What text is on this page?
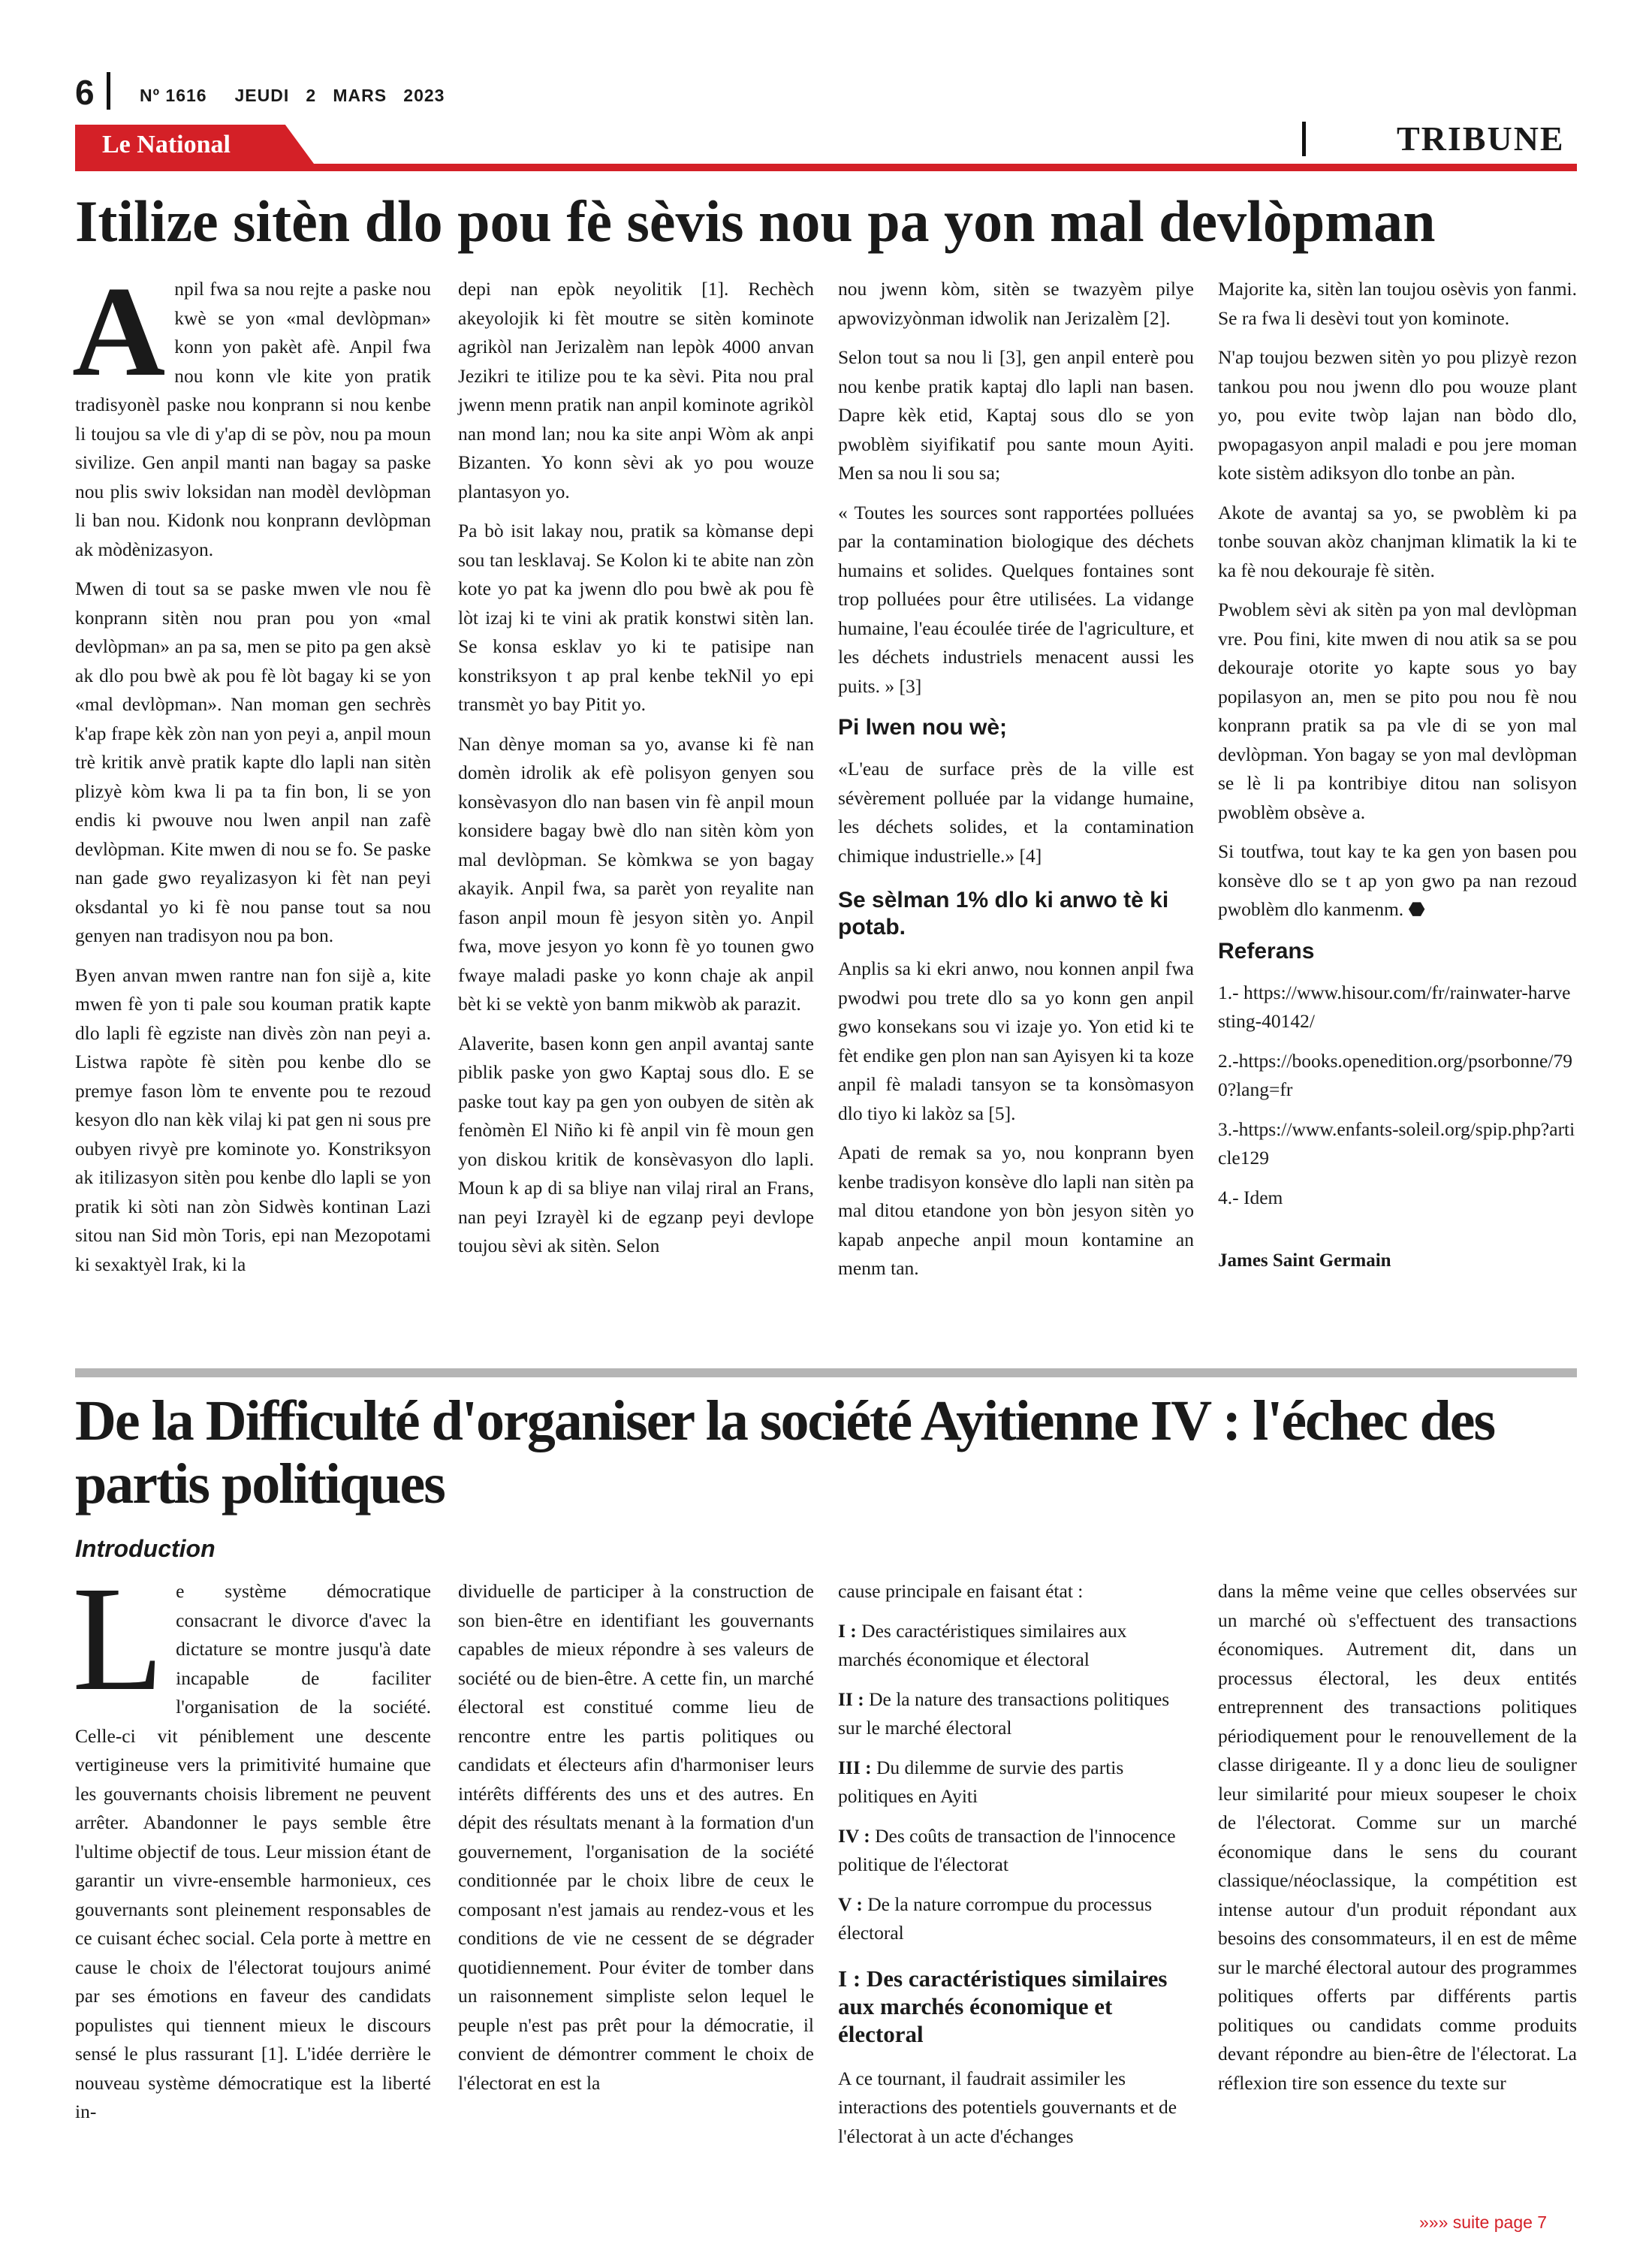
6	Nº 1616     JEUDI   2   MARS   2023
Le National	TRIBUNE
Itilize sitèn dlo pou fè sèvis nou pa yon mal devlòpman

Anpil fwa sa nou rejte a paske nou kwè se yon «mal devlòpman» konn yon pakèt afè. Anpil fwa nou konn vle kite yon pratik tradisyonèl paske nou konprann si nou kenbe li toujou sa vle di y'ap di se pòv, nou pa moun sivilize. Gen anpil manti nan bagay sa paske nou plis swiv loksidan nan modèl devlòpman li ban nou. Kidonk nou konprann devlòpman ak mòdènizasyon.

Mwen di tout sa se paske mwen vle nou fè konprann sitèn nou pran pou yon «mal devlòpman» an pa sa, men se pito pa gen aksè ak dlo pou bwè ak pou fè lòt bagay ki se yon «mal devlòpman». Nan moman gen sechrès k'ap frape kèk zòn nan yon peyi a, anpil moun trè kritik anvè pratik kapte dlo lapli nan sitèn plizyè kòm kwa li pa ta fin bon, li se yon endis ki pwouve nou lwen anpil nan zafè devlòpman. Kite mwen di nou se fo. Se paske nan gade gwo reyalizasyon ki fèt nan peyi oksdantal yo ki fè nou panse tout sa nou genyen nan tradisyon nou pa bon.

Byen anvan mwen rantre nan fon sijè a, kite mwen fè yon ti pale sou kouman pratik kapte dlo lapli fè egziste nan divès zòn nan peyi a. Listwa rapòte fè sitèn pou kenbe dlo se premye fason lòm te envente pou te rezoud kesyon dlo nan kèk vilaj ki pat gen ni sous pre oubyen rivyè pre kominote yo. Konstriksyon ak itilizasyon sitèn pou kenbe dlo lapli se yon pratik ki sòti nan zòn Sidwès kontinan Lazi sitou nan Sid mòn Toris, epi nan Mezopotami ki sexaktyèl Irak, ki la

depi nan epòk neyolitik [1]. Rechèch akeyolojik ki fèt moutre se sitèn kominote agrikòl nan Jerizalèm nan lepòk 4000 anvan Jezikri te itilize pou te ka sèvi. Pita nou pral jwenn menn pratik nan anpil kominote agrikòl nan mond lan; nou ka site anpi Wòm ak anpi Bizanten. Yo konn sèvi ak yo pou wouze plantasyon yo.

Pa bò isit lakay nou, pratik sa kòmanse depi sou tan lesklavaj. Se Kolon ki te abite nan zòn kote yo pat ka jwenn dlo pou bwè ak pou fè lòt izaj ki te vini ak pratik konstwi sitèn lan. Se konsa esklav yo ki te patisipe nan konstriksyon t ap pral kenbe tekNil yo epi transmèt yo bay Pitit yo.

Nan dènye moman sa yo, avanse ki fè nan domèn idrolik ak efè polisyon genyen sou konsèvasyon dlo nan basen vin fè anpil moun konsidere bagay bwè dlo nan sitèn kòm yon mal devlòpman. Se kòmkwa se yon bagay akayik. Anpil fwa, sa parèt yon reyalite nan fason anpil moun fè jesyon sitèn yo. Anpil fwa, move jesyon yo konn fè yo tounen gwo fwaye maladi paske yo konn chaje ak anpil bèt ki se vektè yon banm mikwòb ak parazit.

Alaverite, basen konn gen anpil avantaj sante piblik paske yon gwo Kaptaj sous dlo. E se paske tout kay pa gen yon oubyen de sitèn ak fenòmèn El Niño ki fè anpil vin fè moun gen yon diskou kritik de konsèvasyon dlo lapli. Moun k ap di sa bliye nan vilaj riral an Frans, nan peyi Izrayèl ki de egzanp peyi devlope toujou sèvi ak sitèn. Selon

nou jwenn kòm, sitèn se twazyèm pilye apwovizyònman idwolik nan Jerizalèm [2].

Selon tout sa nou li [3], gen anpil enterè pou nou kenbe pratik kaptaj dlo lapli nan basen. Dapre kèk etid, Kaptaj sous dlo se yon pwoblèm siyifikatif pou sante moun Ayiti. Men sa nou li sou sa;

« Toutes les sources sont rapportées polluées par la contamination biologique des déchets humains et solides. Quelques fontaines sont trop polluées pour être utilisées. La vidange humaine, l'eau écoulée tirée de l'agriculture, et les déchets industriels menacent aussi les puits. » [3]

Pi lwen nou wè;

«L'eau de surface près de la ville est sévèrement polluée par la vidange humaine, les déchets solides, et la contamination chimique industrielle.» [4]

Se sèlman 1% dlo ki anwo tè ki potab.

Anplis sa ki ekri anwo, nou konnen anpil fwa pwodwi pou trete dlo sa yo konn gen anpil gwo konsekans sou vi izaje yo. Yon etid ki te fèt endike gen plon nan san Ayisyen ki ta koze anpil fè maladi tansyon se ta konsòmasyon dlo tiyo ki lakòz sa [5].

Apati de remak sa yo, nou konprann byen kenbe tradisyon konsève dlo lapli nan sitèn pa mal ditou etandone yon bòn jesyon sitèn yo kapab anpeche anpil moun kontamine an menm tan.

Majorite ka, sitèn lan toujou osèvis yon fanmi. Se ra fwa li desèvi tout yon kominote.

N'ap toujou bezwen sitèn yo pou plizyè rezon tankou pou nou jwenn dlo pou wouze plant yo, pou evite twòp lajan nan bòdo dlo, pwopagasyon anpil maladi e pou jere moman kote sistèm adiksyon dlo tonbe an pàn.

Akote de avantaj sa yo, se pwoblèm ki pa tonbe souvan akòz chanjman klimatik la ki te ka fè nou dekouraje fè sitèn.

Pwoblem sèvi ak sitèn pa yon mal devlòpman vre. Pou fini, kite mwen di nou atik sa se pou dekouraje otorite yo kapte sous yo bay popilasyon an, men se pito pou nou fè nou konprann pratik sa pa vle di se yon mal devlòpman. Yon bagay se yon mal devlòpman se lè li pa kontribiye ditou nan solisyon pwoblèm obsève a.

Si toutfwa, tout kay te ka gen yon basen pou konsève dlo se t ap yon gwo pa nan rezoud pwoblèm dlo kanmenm. ⬣

Referans

1.- https://www.hisour.com/fr/rainwater-harvesting-40142/

2.-https://books.openedition.org/psorbonne/790?lang=fr

3.-https://www.enfants-soleil.org/spip.php?article129

4.- Idem

James Saint Germain

De la Difficulté d'organiser la société Ayitienne IV : l'échec des partis politiques
Introduction

Le système démocratique consacrant le divorce d'avec la dictature se montre jusqu'à date incapable de faciliter l'organisation de la société. Celle-ci vit péniblement une descente vertigineuse vers la primitivité humaine que les gouvernants choisis librement ne peuvent arrêter. Abandonner le pays semble être l'ultime objectif de tous. Leur mission étant de garantir un vivre-ensemble harmonieux, ces gouvernants sont pleinement responsables de ce cuisant échec social. Cela porte à mettre en cause le choix de l'électorat toujours animé par ses émotions en faveur des candidats populistes qui tiennent mieux le discours sensé le plus rassurant [1]. L'idée derrière le nouveau système démocratique est la liberté in-

dividuelle de participer à la construction de son bien-être en identifiant les gouvernants capables de mieux répondre à ses valeurs de société ou de bien-être. A cette fin, un marché électoral est constitué comme lieu de rencontre entre les partis politiques ou candidats et électeurs afin d'harmoniser leurs intérêts différents des uns et des autres. En dépit des résultats menant à la formation d'un gouvernement, l'organisation de la société conditionnée par le choix libre de ceux le composant n'est jamais au rendez-vous et les conditions de vie ne cessent de se dégrader quotidiennement. Pour éviter de tomber dans un raisonnement simpliste selon lequel le peuple n'est pas prêt pour la démocratie, il convient de démontrer comment le choix de l'électorat en est la

cause principale en faisant état :

I : Des caractéristiques similaires aux marchés économique et électoral

II : De la nature des transactions politiques sur le marché électoral

III : Du dilemme de survie des partis politiques en Ayiti

IV : Des coûts de transaction de l'innocence politique de l'électorat

V : De la nature corrompue du processus électoral

I : Des caractéristiques similaires aux marchés économique et électoral

A ce tournant, il faudrait assimiler les interactions des potentiels gouvernants et de l'électorat à un acte d'échanges

dans la même veine que celles observées sur un marché où s'effectuent des transactions économiques. Autrement dit, dans un processus électoral, les deux entités entreprennent des transactions politiques périodiquement pour le renouvellement de la classe dirigeante. Il y a donc lieu de souligner leur similarité pour mieux soupeser le choix de l'électorat. Comme sur un marché économique dans le sens du courant classique/néoclassique, la compétition est intense autour d'un produit répondant aux besoins des consommateurs, il en est de même sur le marché électoral autour des programmes politiques offerts par différents partis politiques ou candidats comme produits devant répondre au bien-être de l'électorat. La réflexion tire son essence du texte sur

»»» suite page 7
